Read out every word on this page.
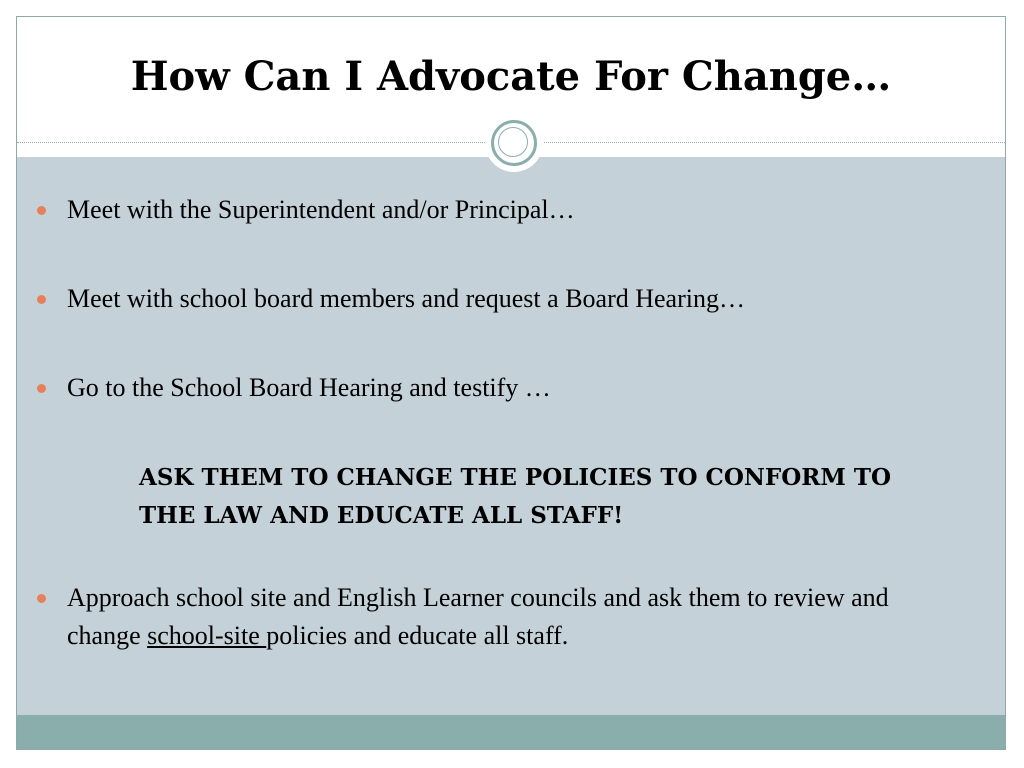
How Can I Advocate For Change…
Meet with the Superintendent and/or Principal…
Meet with school board members and request a Board Hearing…
Go to the School Board Hearing and testify …
ASK THEM TO CHANGE THE POLICIES TO CONFORM TO THE LAW AND EDUCATE ALL STAFF!
Approach school site and English Learner councils and ask them to review and change school-site policies and educate all staff.
